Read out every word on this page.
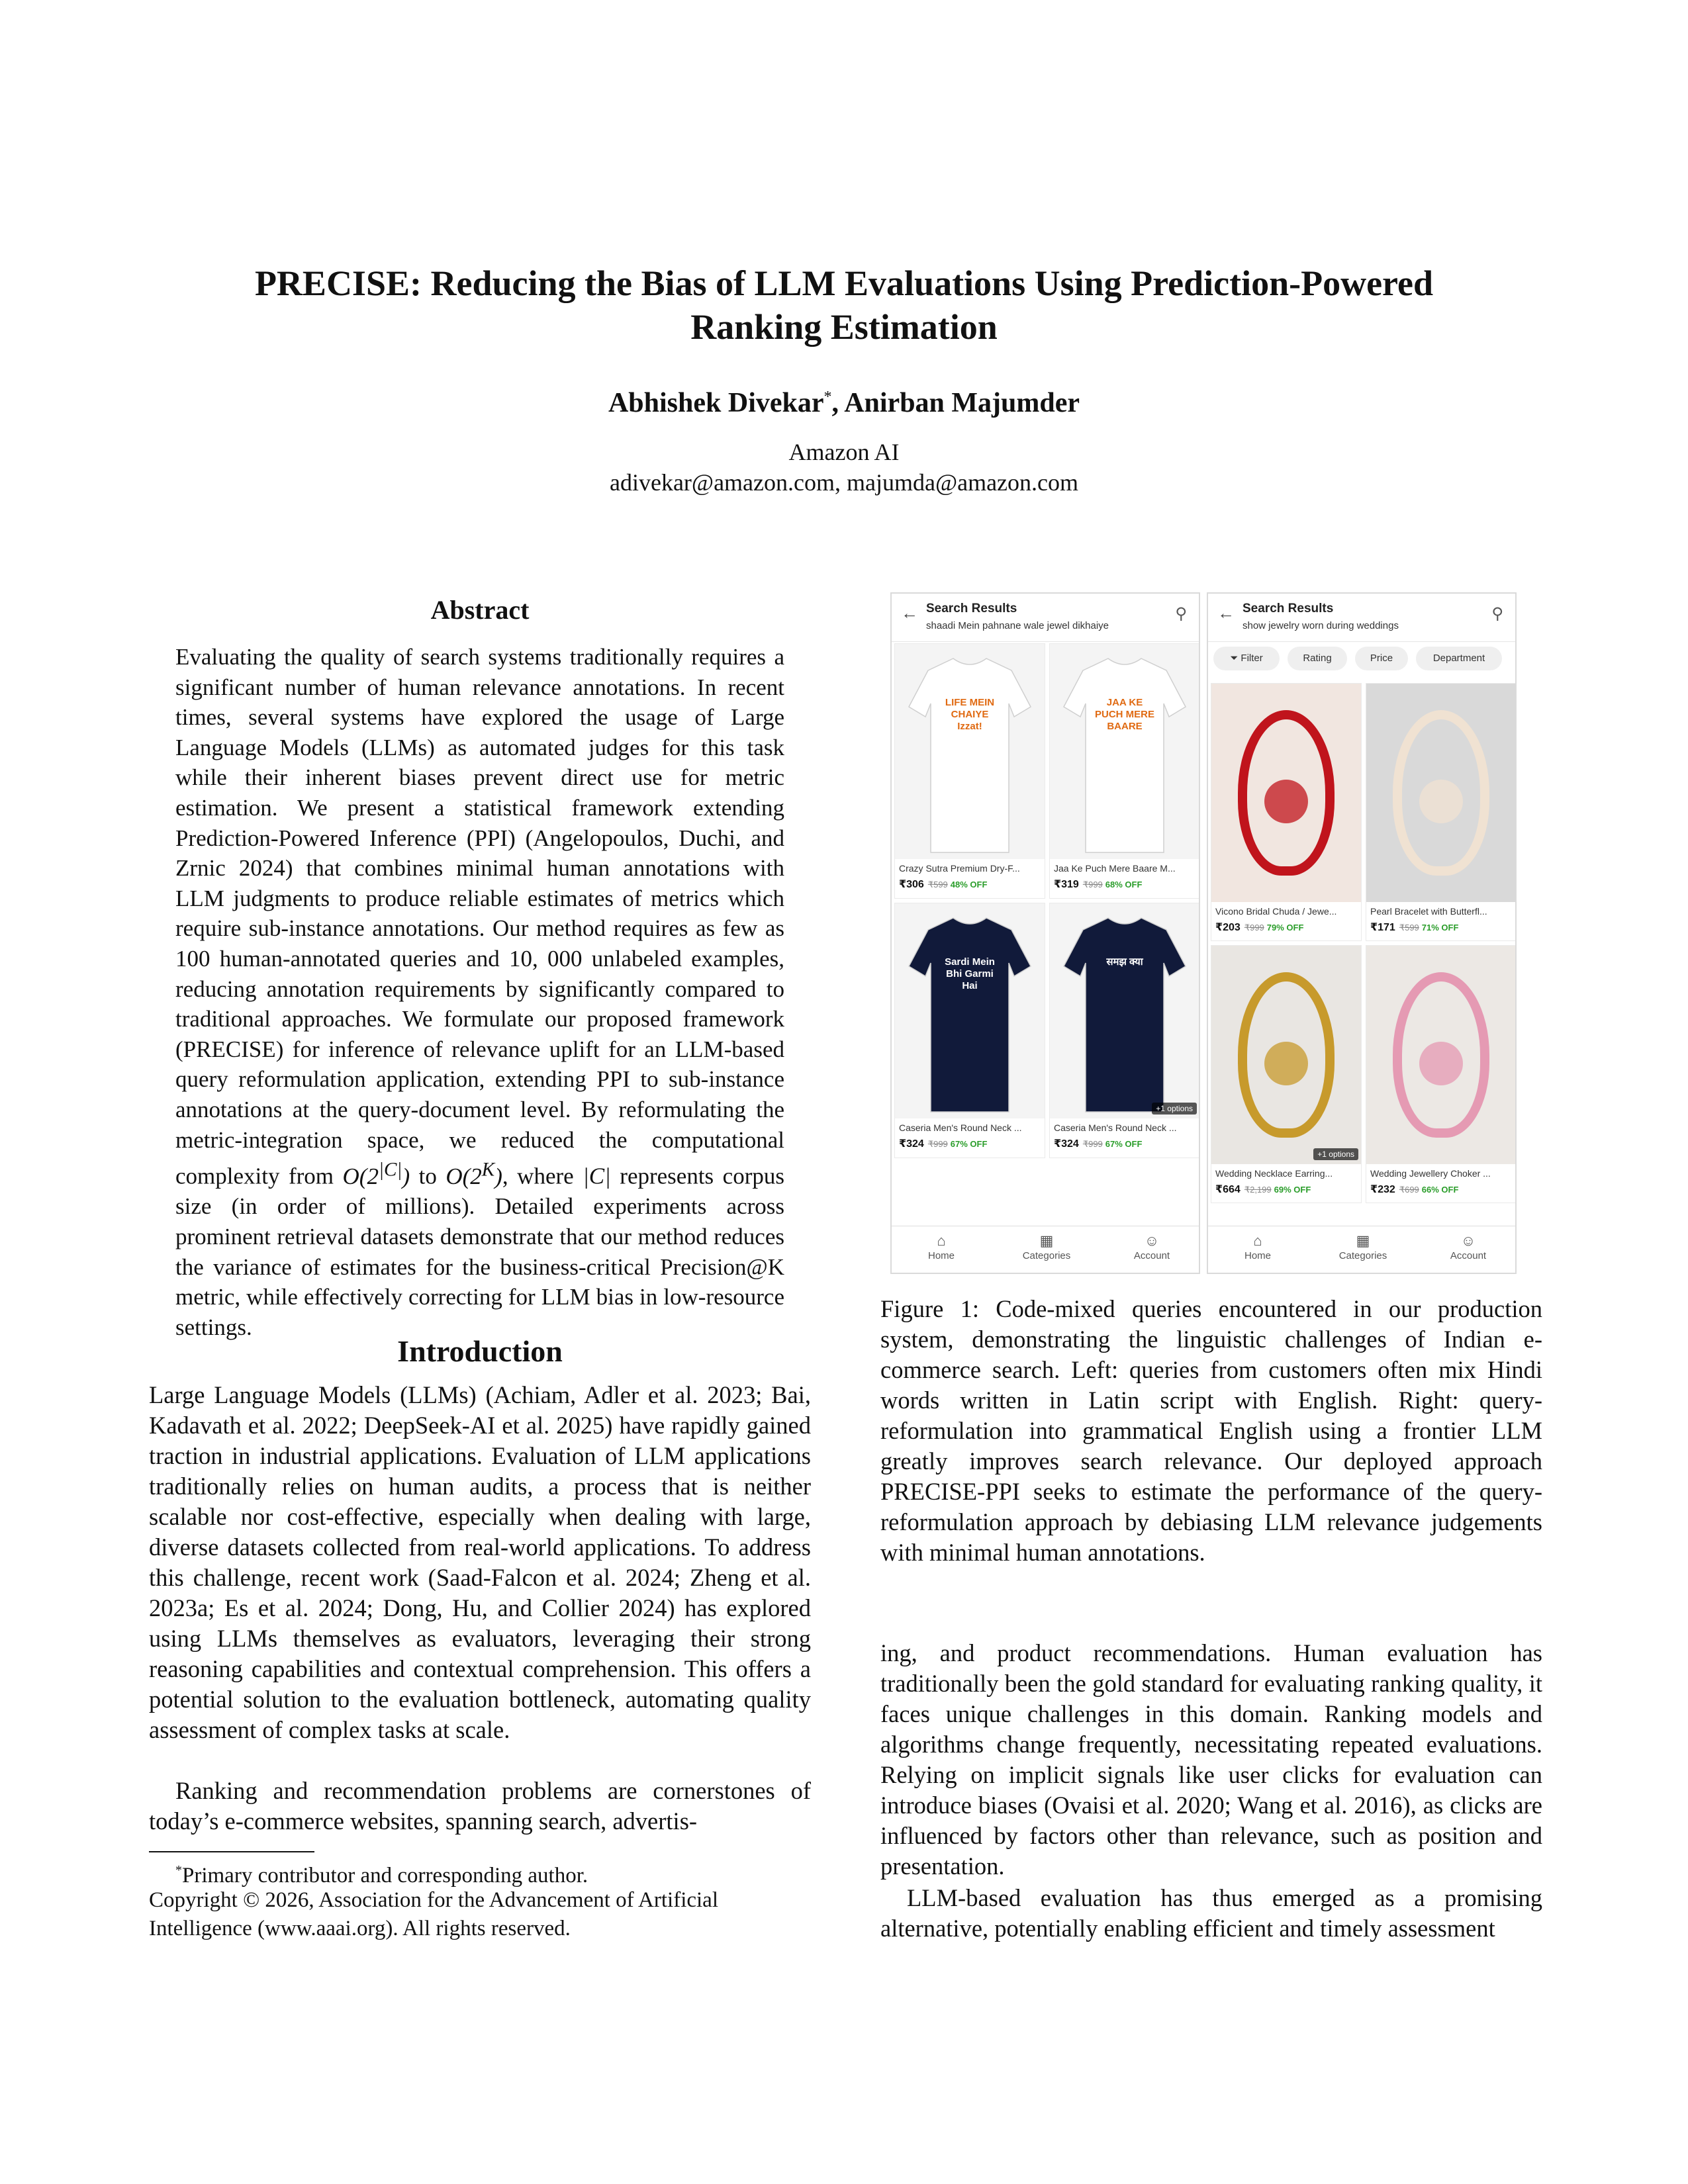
PRECISE: Reducing the Bias of LLM Evaluations Using Prediction-Powered
Ranking Estimation
Abhishek Divekar*, Anirban Majumder
Amazon AI
adivekar@amazon.com, majumda@amazon.com
Abstract
Evaluating the quality of search systems traditionally requires a significant number of human relevance annotations. In recent times, several systems have explored the usage of Large Language Models (LLMs) as automated judges for this task while their inherent biases prevent direct use for metric estimation. We present a statistical framework extending Prediction-Powered Inference (PPI) (Angelopoulos, Duchi, and Zrnic 2024) that combines minimal human annotations with LLM judgments to produce reliable estimates of metrics which require sub-instance annotations. Our method requires as few as 100 human-annotated queries and 10, 000 unlabeled examples, reducing annotation requirements by significantly compared to traditional approaches. We formulate our proposed framework (PRECISE) for inference of relevance uplift for an LLM-based query reformulation application, extending PPI to sub-instance annotations at the query-document level. By reformulating the metric-integration space, we reduced the computational complexity from $O(2^{|C|})$ to $O(2^K)$, where |C| represents corpus size (in order of millions). Detailed experiments across prominent retrieval datasets demonstrate that our method reduces the variance of estimates for the business-critical Precision@K metric, while effectively correcting for LLM bias in low-resource settings.
Introduction
Large Language Models (LLMs) (Achiam, Adler et al. 2023; Bai, Kadavath et al. 2022; DeepSeek-AI et al. 2025) have rapidly gained traction in industrial applications. Evaluation of LLM applications traditionally relies on human audits, a process that is neither scalable nor cost-effective, especially when dealing with large, diverse datasets collected from real-world applications. To address this challenge, recent work (Saad-Falcon et al. 2024; Zheng et al. 2023a; Es et al. 2024; Dong, Hu, and Collier 2024) has explored using LLMs themselves as evaluators, leveraging their strong reasoning capabilities and contextual comprehension. This offers a potential solution to the evaluation bottleneck, automating quality assessment of complex tasks at scale.
Ranking and recommendation problems are cornerstones of today’s e-commerce websites, spanning search, advertis-
*Primary contributor and corresponding author.
Copyright © 2026, Association for the Advancement of Artificial Intelligence (www.aaai.org). All rights reserved.
← Search Results
shaadi Mein pahnane wale jewel dikhaiye
⚲
LIFE MEIN CHAIYE Izzat!
Crazy Sutra Premium Dry-F...
₹306 ₹599 48% OFF
JAA KE PUCH MERE BAARE
Jaa Ke Puch Mere Baare M...
₹319 ₹999 68% OFF
Sardi Mein Bhi Garmi Hai
Caseria Men's Round Neck ...
₹324 ₹999 67% OFF
समझ क्या
+1 options
Caseria Men's Round Neck ...
₹324 ₹999 67% OFF
⌂
Home
▦
Categories
☺
Account
← Search Results
show jewelry worn during weddings
⚲
⏷ Filter	Rating	Price	Department
Vicono Bridal Chuda / Jewe...
₹203 ₹999 79% OFF
Pearl Bracelet with Butterfl...
₹171 ₹599 71% OFF
+1 options
Wedding Necklace Earring...
₹664 ₹2,199 69% OFF
Wedding Jewellery Choker ...
₹232 ₹699 66% OFF
⌂
Home
▦
Categories
☺
Account
Figure 1: Code-mixed queries encountered in our production system, demonstrating the linguistic challenges of Indian e-commerce search. Left: queries from customers often mix Hindi words written in Latin script with English. Right: query-reformulation into grammatical English using a frontier LLM greatly improves search relevance. Our deployed approach PRECISE-PPI seeks to estimate the performance of the query-reformulation approach by debiasing LLM relevance judgements with minimal human annotations.
ing, and product recommendations. Human evaluation has traditionally been the gold standard for evaluating ranking quality, it faces unique challenges in this domain. Ranking models and algorithms change frequently, necessitating repeated evaluations. Relying on implicit signals like user clicks for evaluation can introduce biases (Ovaisi et al. 2020; Wang et al. 2016), as clicks are influenced by factors other than relevance, such as position and presentation.
LLM-based evaluation has thus emerged as a promising alternative, potentially enabling efficient and timely assessment
